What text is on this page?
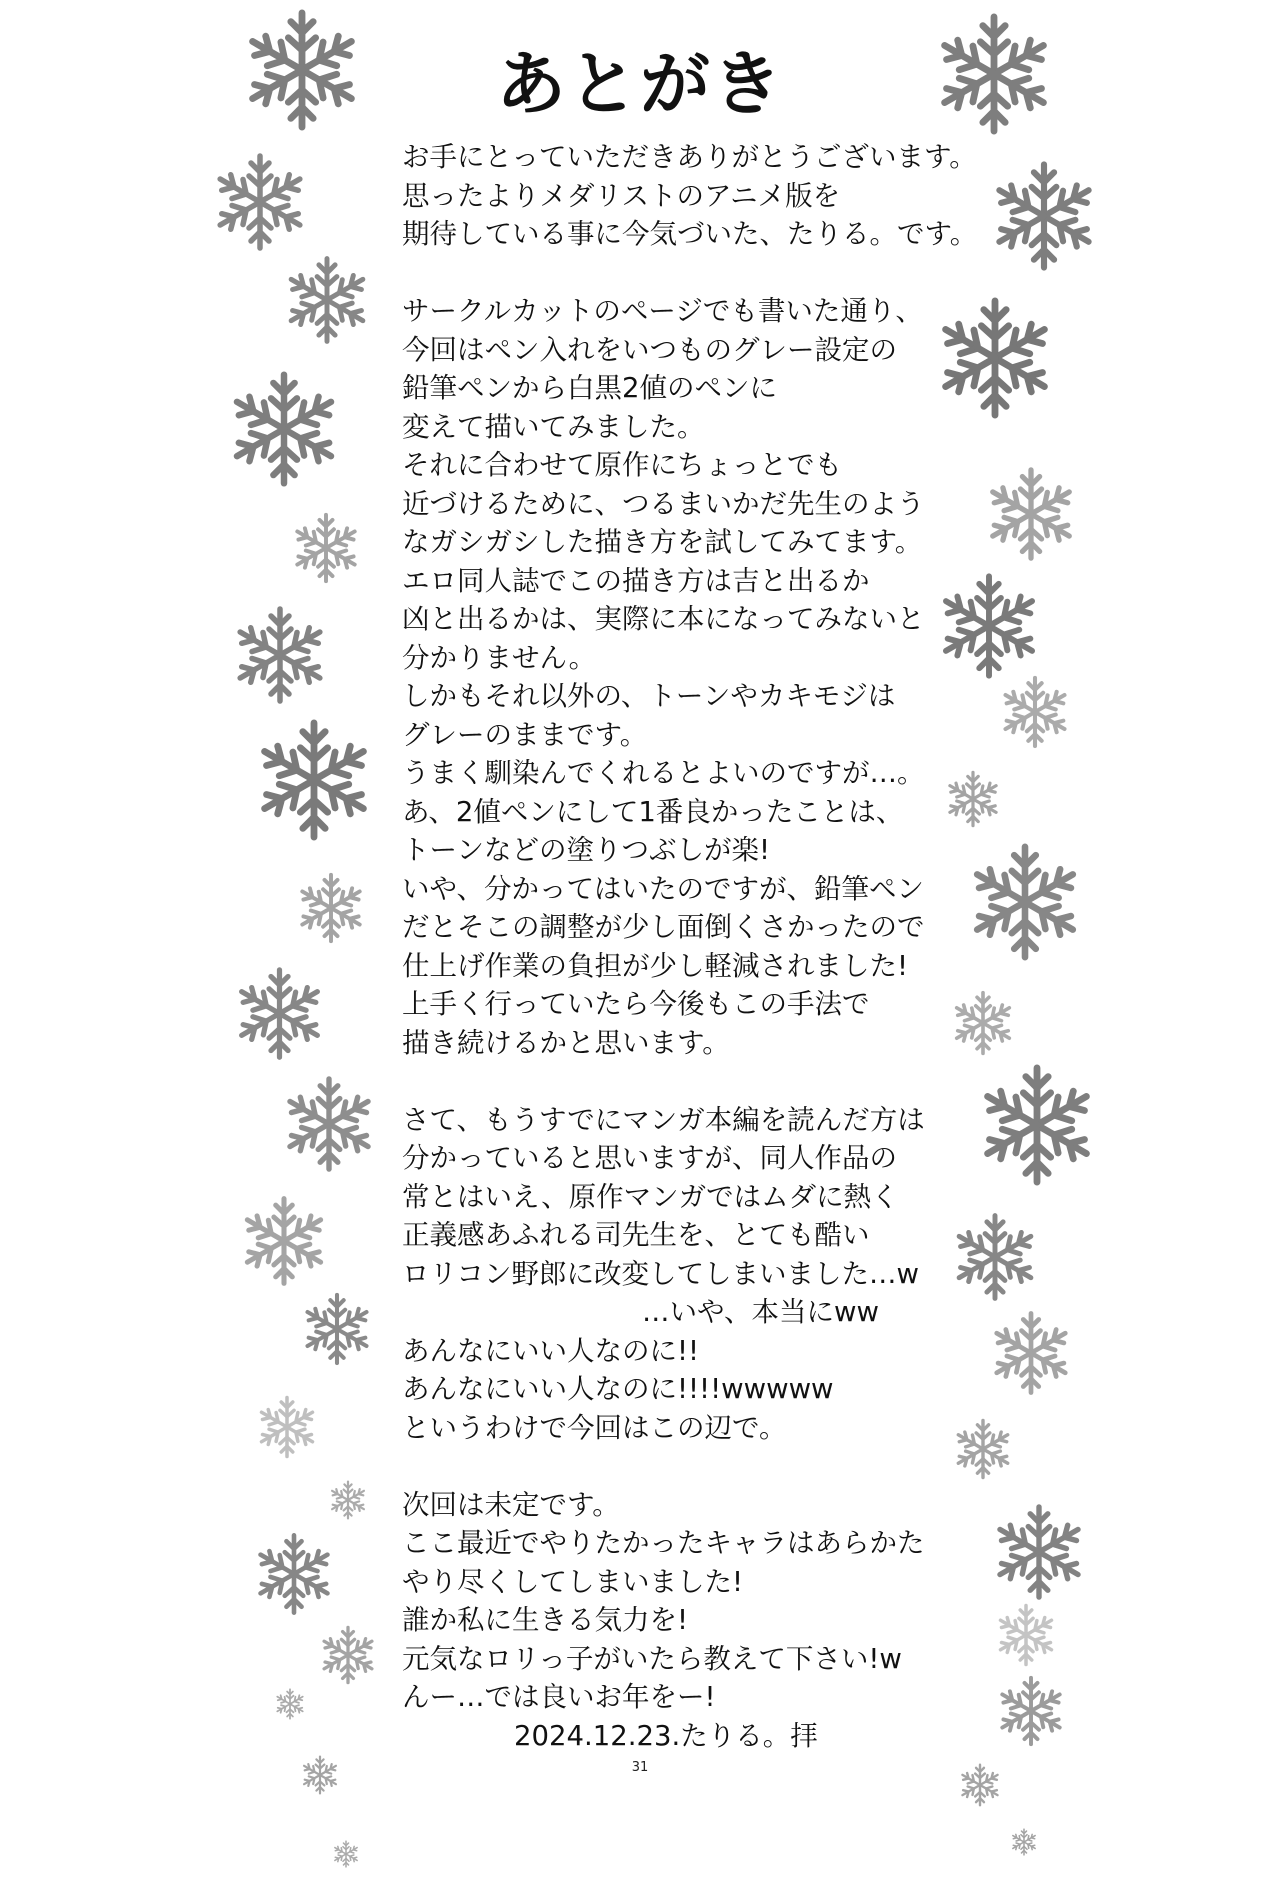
あとがき
お手にとっていただきありがとうございます。
思ったよりメダリストのアニメ版を
期待している事に今気づいた、たりる。です。
サークルカットのページでも書いた通り、
今回はペン入れをいつものグレー設定の
鉛筆ペンから白黒2値のペンに
変えて描いてみました。
それに合わせて原作にちょっとでも
近づけるために、つるまいかだ先生のよう
なガシガシした描き方を試してみてます。
エロ同人誌でこの描き方は吉と出るか
凶と出るかは、実際に本になってみないと
分かりません。
しかもそれ以外の、トーンやカキモジは
グレーのままです。
うまく馴染んでくれるとよいのですが…。
あ、2値ペンにして1番良かったことは、
トーンなどの塗りつぶしが楽!
いや、分かってはいたのですが、鉛筆ペン
だとそこの調整が少し面倒くさかったので
仕上げ作業の負担が少し軽減されました!
上手く行っていたら今後もこの手法で
描き続けるかと思います。
さて、もうすでにマンガ本編を読んだ方は
分かっていると思いますが、同人作品の
常とはいえ、原作マンガではムダに熱く
正義感あふれる司先生を、とても酷い
ロリコン野郎に改変してしまいました…w
…いや、本当にww
あんなにいい人なのに!!
あんなにいい人なのに!!!!wwwww
というわけで今回はこの辺で。
次回は未定です。
ここ最近でやりたかったキャラはあらかた
やり尽くしてしまいました!
誰か私に生きる気力を!
元気なロリっ子がいたら教えて下さい!w
んー…では良いお年をー!
2024.12.23.たりる。拝
31
